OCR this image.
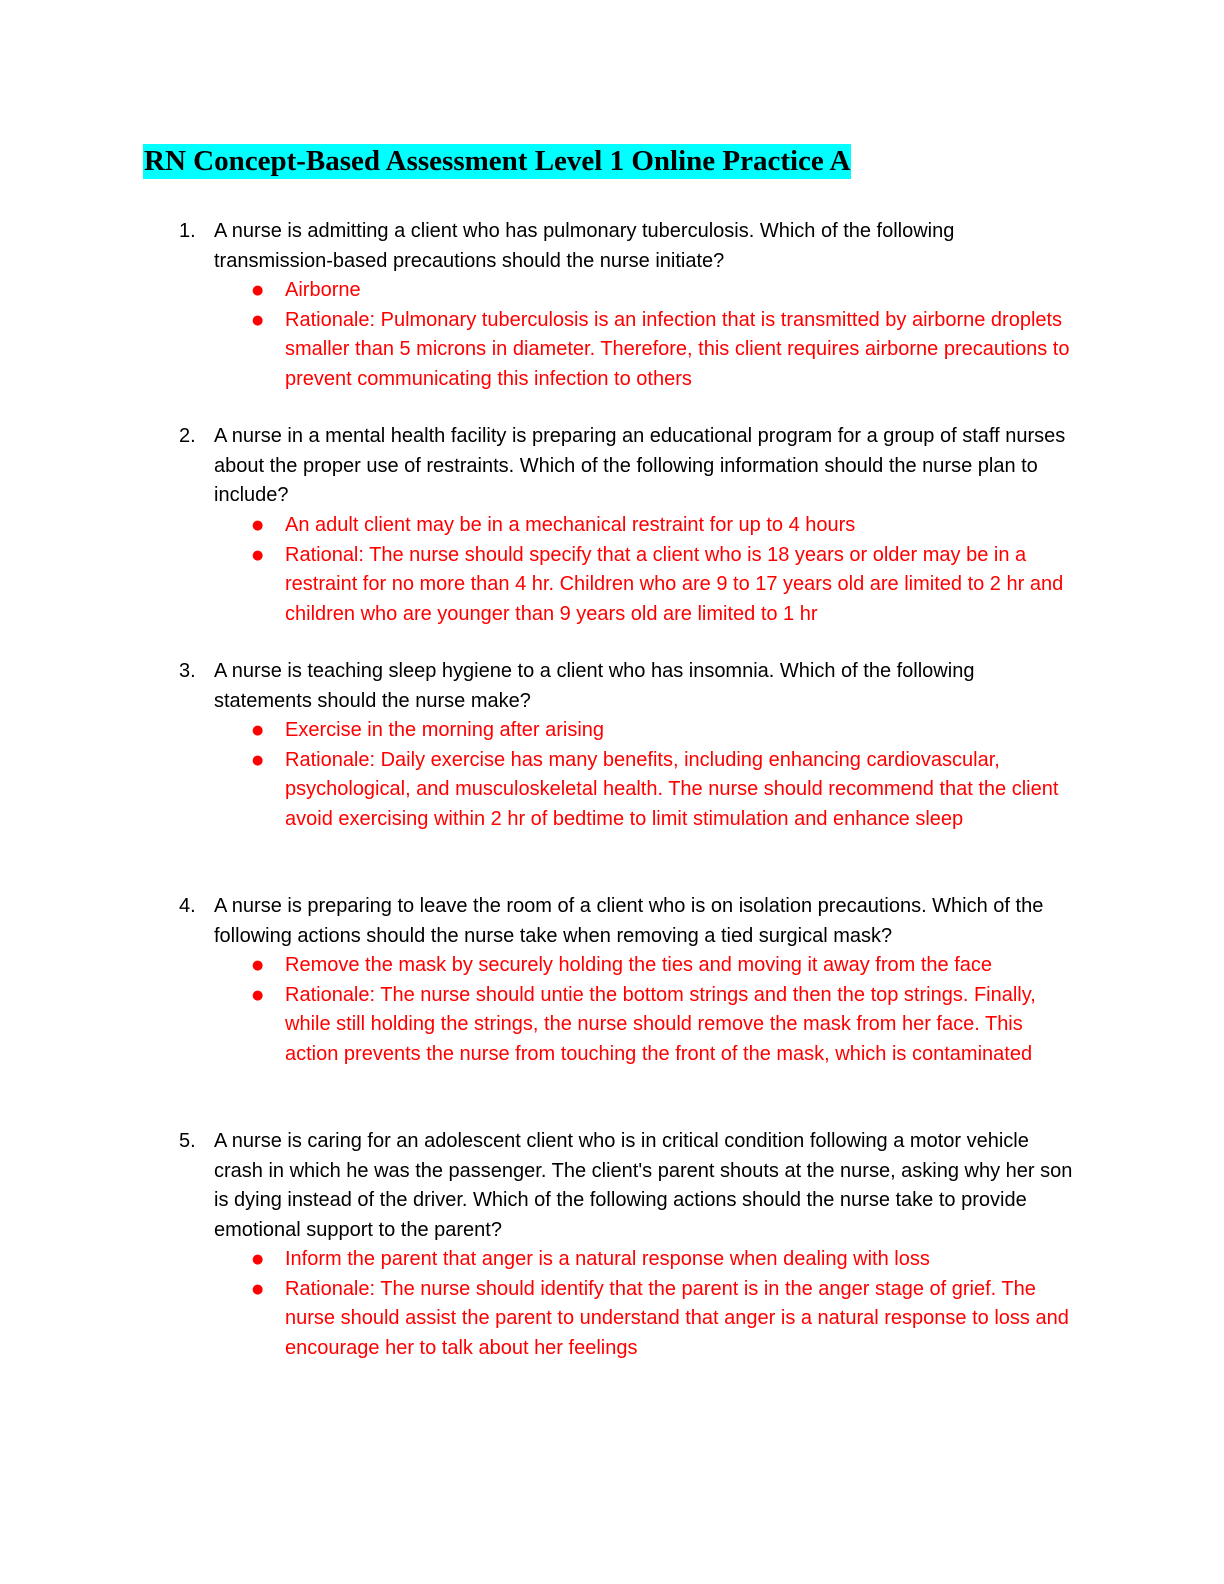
RN Concept-Based Assessment Level 1 Online Practice A
1. A nurse is admitting a client who has pulmonary tuberculosis. Which of the following transmission-based precautions should the nurse initiate?

● Airborne
● Rationale: Pulmonary tuberculosis is an infection that is transmitted by airborne droplets smaller than 5 microns in diameter. Therefore, this client requires airborne precautions to prevent communicating this infection to others
2. A nurse in a mental health facility is preparing an educational program for a group of staff nurses about the proper use of restraints. Which of the following information should the nurse plan to include?

● An adult client may be in a mechanical restraint for up to 4 hours
● Rational: The nurse should specify that a client who is 18 years or older may be in a restraint for no more than 4 hr. Children who are 9 to 17 years old are limited to 2 hr and children who are younger than 9 years old are limited to 1 hr
3. A nurse is teaching sleep hygiene to a client who has insomnia. Which of the following statements should the nurse make?

● Exercise in the morning after arising
● Rationale: Daily exercise has many benefits, including enhancing cardiovascular, psychological, and musculoskeletal health. The nurse should recommend that the client avoid exercising within 2 hr of bedtime to limit stimulation and enhance sleep
4. A nurse is preparing to leave the room of a client who is on isolation precautions. Which of the following actions should the nurse take when removing a tied surgical mask?

● Remove the mask by securely holding the ties and moving it away from the face
● Rationale: The nurse should untie the bottom strings and then the top strings. Finally, while still holding the strings, the nurse should remove the mask from her face. This action prevents the nurse from touching the front of the mask, which is contaminated
5. A nurse is caring for an adolescent client who is in critical condition following a motor vehicle crash in which he was the passenger. The client's parent shouts at the nurse, asking why her son is dying instead of the driver. Which of the following actions should the nurse take to provide emotional support to the parent?

● Inform the parent that anger is a natural response when dealing with loss
● Rationale: The nurse should identify that the parent is in the anger stage of grief. The nurse should assist the parent to understand that anger is a natural response to loss and encourage her to talk about her feelings
